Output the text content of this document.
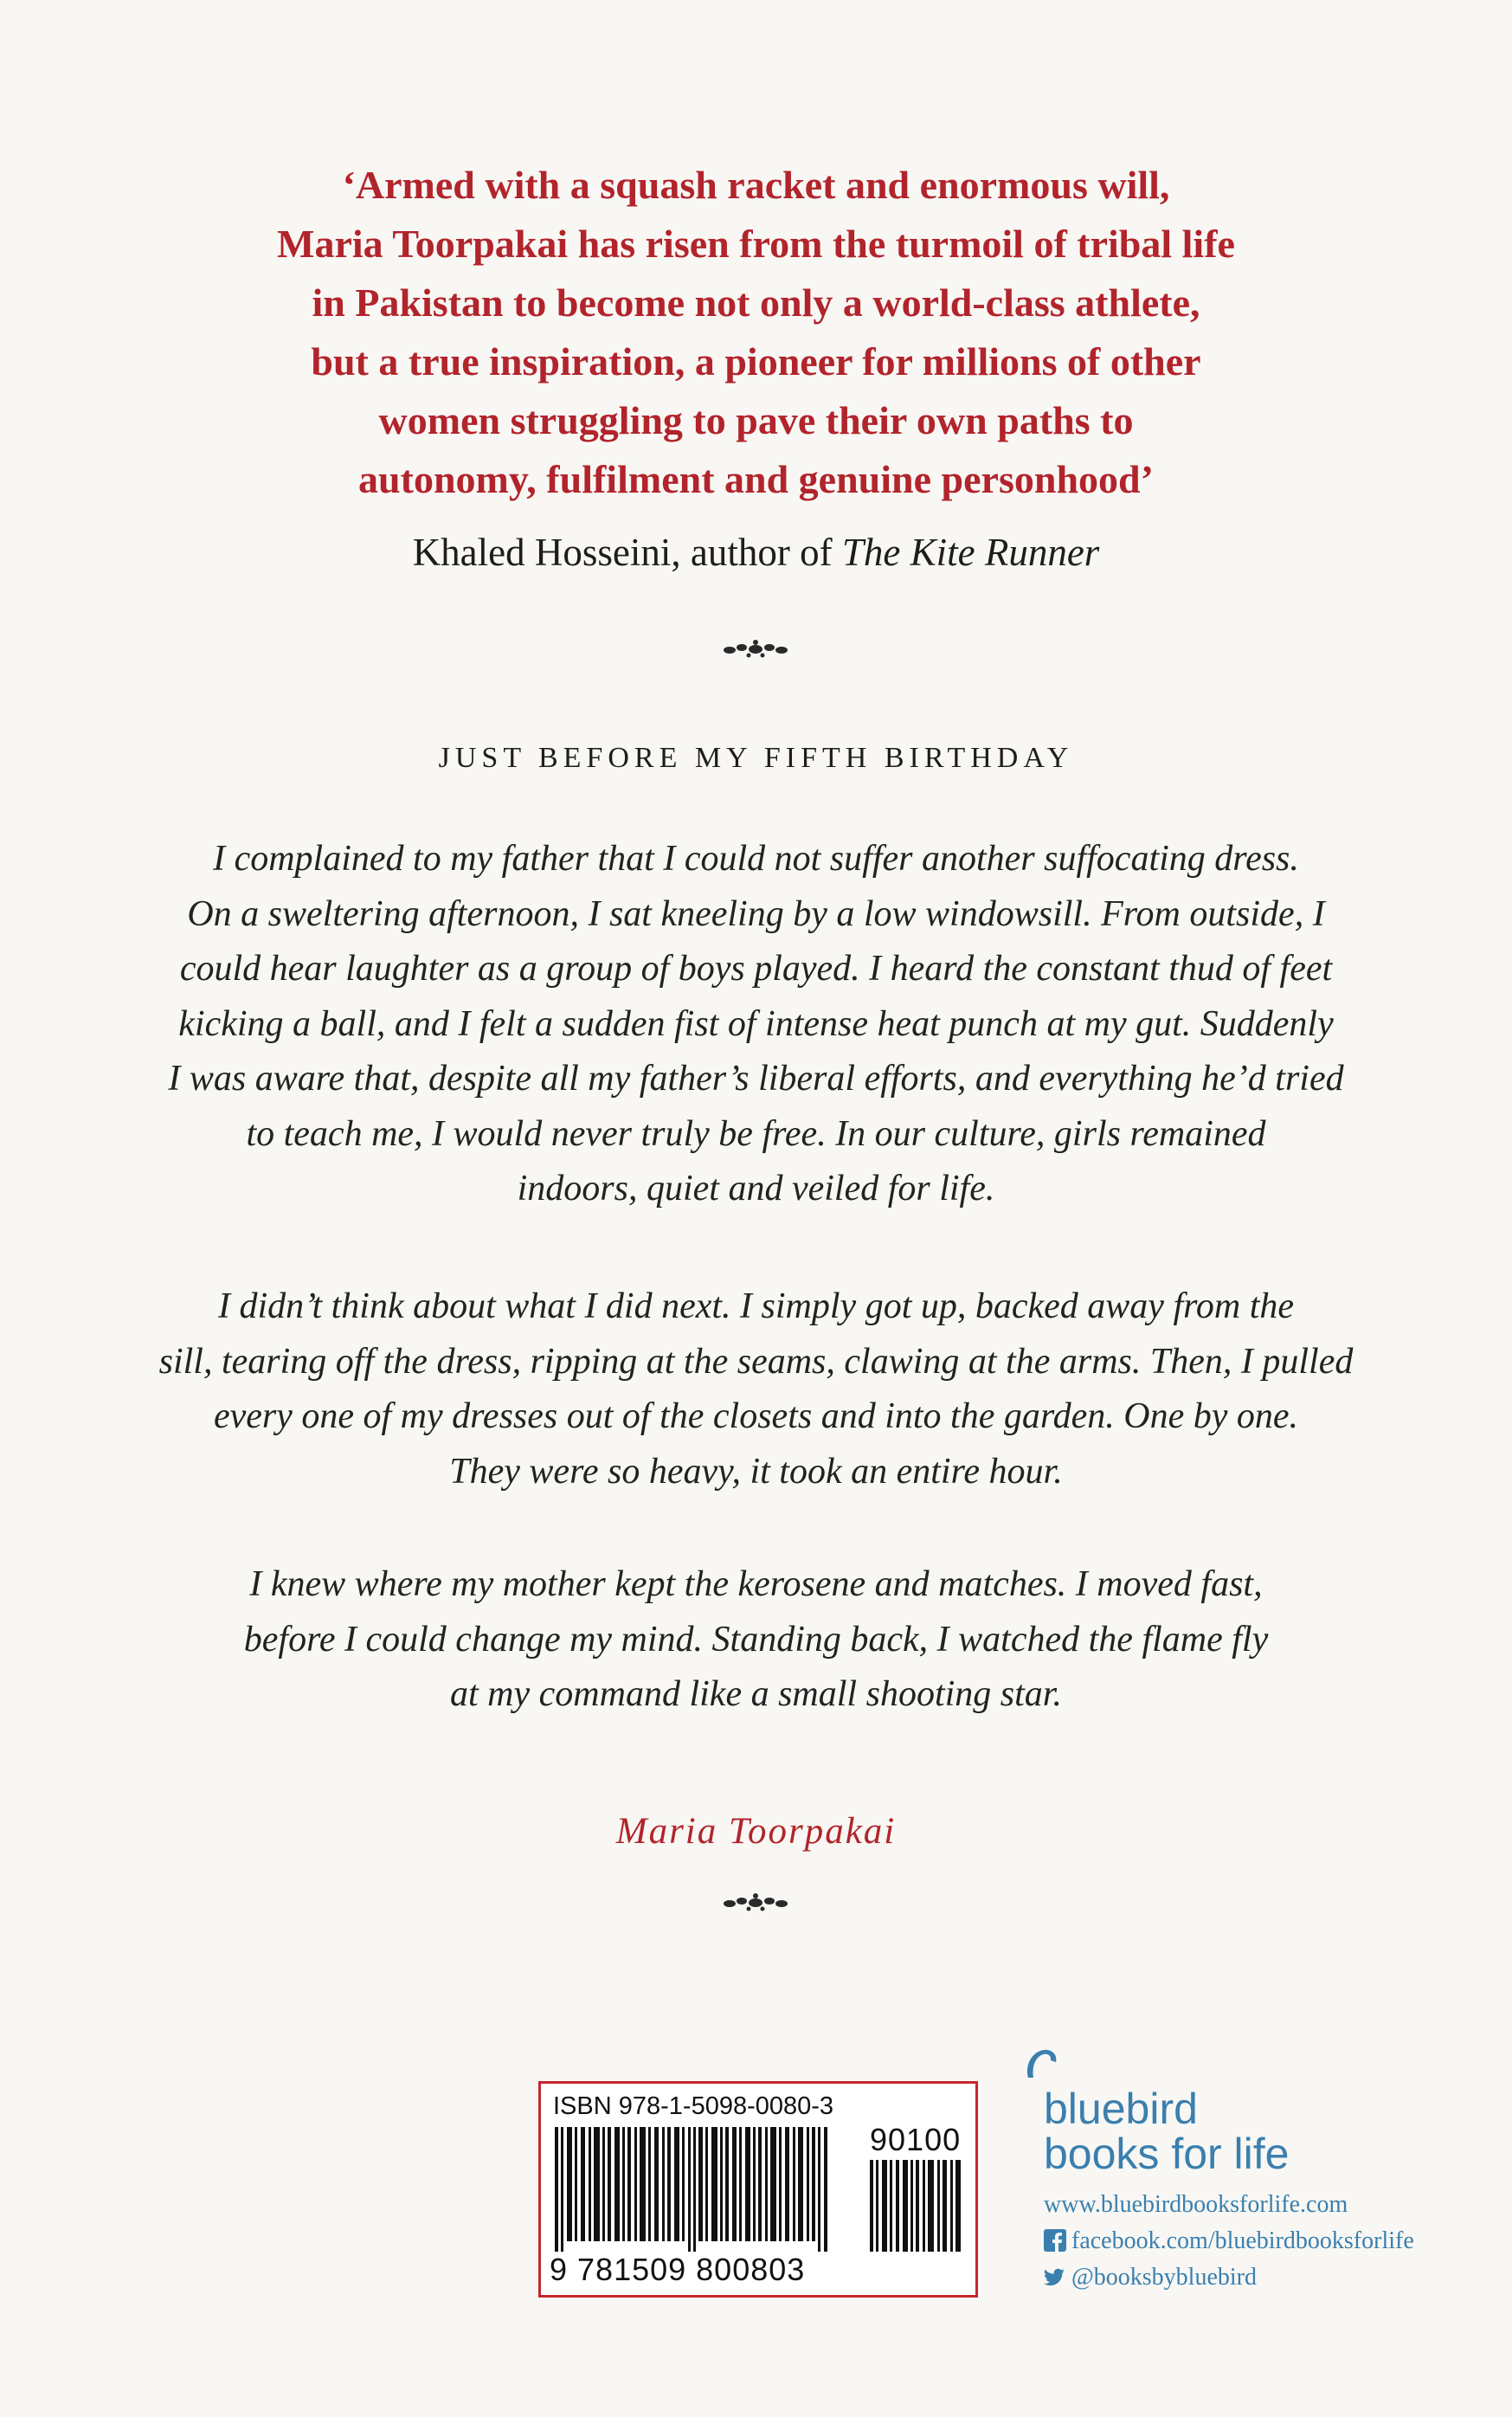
‘Armed with a squash racket and enormous will,
Maria Toorpakai has risen from the turmoil of tribal life
in Pakistan to become not only a world-class athlete,
but a true inspiration, a pioneer for millions of other
women struggling to pave their own paths to
autonomy, fulfilment and genuine personhood’
Khaled Hosseini, author of The Kite Runner
JUST BEFORE MY FIFTH BIRTHDAY
I complained to my father that I could not suffer another suffocating dress.
On a sweltering afternoon, I sat kneeling by a low windowsill. From outside, I
could hear laughter as a group of boys played. I heard the constant thud of feet
kicking a ball, and I felt a sudden fist of intense heat punch at my gut. Suddenly
I was aware that, despite all my father’s liberal efforts, and everything he’d tried
to teach me, I would never truly be free. In our culture, girls remained
indoors, quiet and veiled for life.
I didn’t think about what I did next. I simply got up, backed away from the
sill, tearing off the dress, ripping at the seams, clawing at the arms. Then, I pulled
every one of my dresses out of the closets and into the garden. One by one.
They were so heavy, it took an entire hour.
I knew where my mother kept the kerosene and matches. I moved fast,
before I could change my mind. Standing back, I watched the flame fly
at my command like a small shooting star.
Maria Toorpakai
ISBN 978-1-5098-0080-3
90100
9 781509 800803
bluebird
books for life
www.bluebirdbooksforlife.com
facebook.com/bluebirdbooksforlife
@booksbybluebird
